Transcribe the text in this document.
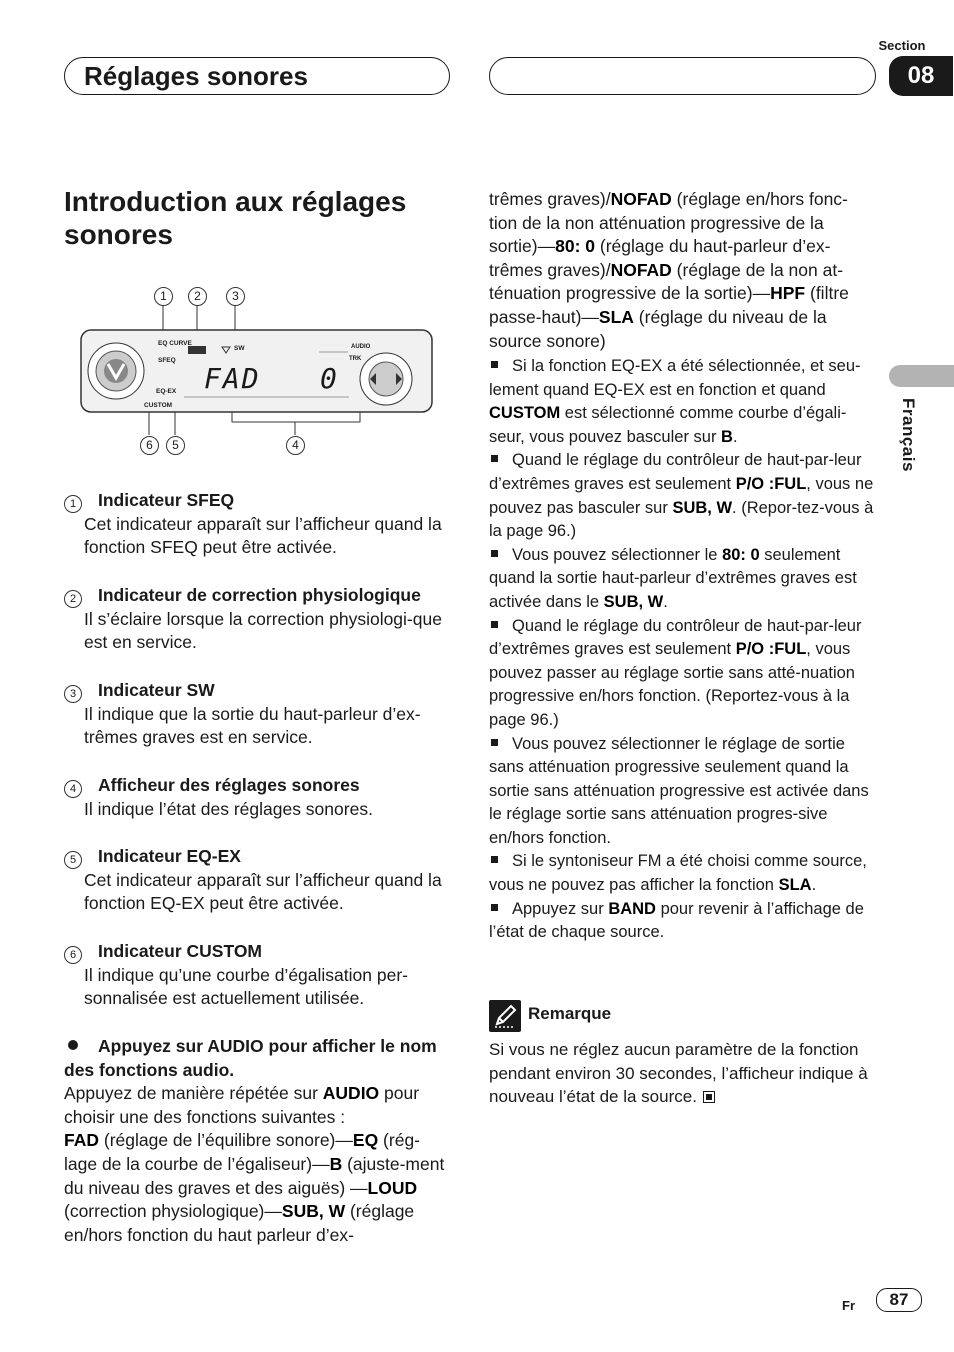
Section
08
Réglages sonores
Français
Introduction aux réglages sonores
1	2	3
6	5	4
EQ CURVE
SFEQ
EQ-EX
CUSTOM
SW	AUDIO
TRK
FAD 0
1	Indicateur SFEQ
Cet indicateur apparaît sur l’afficheur quand la fonction SFEQ peut être activée.
2	Indicateur de correction physiologique
Il s’éclaire lorsque la correction physiologi-que est en service.
3	Indicateur SW
Il indique que la sortie du haut-parleur d’ex-trêmes graves est en service.
4	Afficheur des réglages sonores
Il indique l’état des réglages sonores.
5	Indicateur EQ-EX
Cet indicateur apparaît sur l’afficheur quand la fonction EQ-EX peut être activée.
6	Indicateur CUSTOM
Il indique qu’une courbe d’égalisation per-sonnalisée est actuellement utilisée.
Appuyez sur AUDIO pour afficher le nom des fonctions audio.
Appuyez de manière répétée sur AUDIO pour choisir une des fonctions suivantes :
FAD (réglage de l’équilibre sonore)—EQ (rég-lage de la courbe de l’égaliseur)—B (ajuste-ment du niveau des graves et des aiguës) —LOUD (correction physiologique)—SUB, W (réglage en/hors fonction du haut parleur d’ex-

trêmes graves)/NOFAD (réglage en/hors fonc-tion de la non atténuation progressive de la sortie)—80: 0 (réglage du haut-parleur d’ex-trêmes graves)/NOFAD (réglage de la non at-ténuation progressive de la sortie)—HPF (filtre passe-haut)—SLA (réglage du niveau de la source sonore)

Si la fonction EQ-EX a été sélectionnée, et seu-lement quand EQ-EX est en fonction et quand CUSTOM est sélectionné comme courbe d’égali-seur, vous pouvez basculer sur B.

Quand le réglage du contrôleur de haut-par-leur d’extrêmes graves est seulement P/O :FUL, vous ne pouvez pas basculer sur SUB, W. (Repor-tez-vous à la page 96.)

Vous pouvez sélectionner le 80: 0 seulement quand la sortie haut-parleur d’extrêmes graves est activée dans le SUB, W.

Quand le réglage du contrôleur de haut-par-leur d’extrêmes graves est seulement P/O :FUL, vous pouvez passer au réglage sortie sans atté-nuation progressive en/hors fonction. (Reportez-vous à la page 96.)

Vous pouvez sélectionner le réglage de sortie sans atténuation progressive seulement quand la sortie sans atténuation progressive est activée dans le réglage sortie sans atténuation progres-sive en/hors fonction.

Si le syntoniseur FM a été choisi comme source, vous ne pouvez pas afficher la fonction SLA.

Appuyez sur BAND pour revenir à l’affichage de l’état de chaque source.

Remarque
Si vous ne réglez aucun paramètre de la fonction pendant environ 30 secondes, l’afficheur indique à nouveau l’état de la source.
Fr	87
